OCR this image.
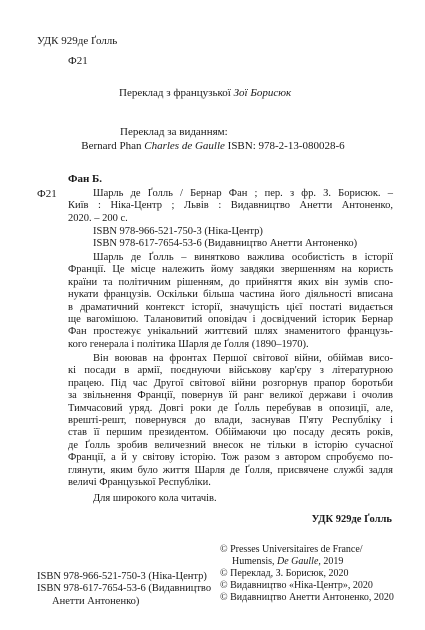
УДК 929де Ґолль
Ф21
Переклад з французької Зої Борисюк
Переклад за виданням:
Bernard Phan Charles de Gaulle ISBN: 978-2-13-080028-6
Фан Б.
Ф21	Шарль де Ґолль / Бернар Фан ; пер. з фр. З. Борисюк. –
Київ : Ніка-Центр ; Львів : Видавництво Анетти Антоненко,
2020. – 200 с.
ISBN 978-966-521-750-3 (Ніка-Центр)
ISBN 978-617-7654-53-6 (Видавництво Анетти Антоненко)
Шарль де Ґолль – винятково важлива особистість в історії
Франції. Це місце належить йому завдяки звершенням на користь
країни та політичним рішенням, до прийняття яких він зумів спо-
нукати французів. Оскільки більша частина його діяльності вписана
в драматичний контекст історії, значущість цієї постаті видається
ще вагомішою. Талановитий оповідач і досвідчений історик Бернар
Фан простежує унікальний життєвий шлях знаменитого французь-
кого генерала і політика Шарля де Ґолля (1890–1970).
Він воював на фронтах Першої світової війни, обіймав висо-
кі посади в армії, поєднуючи військову кар'єру з літературною
працею. Під час Другої світової війни розгорнув прапор боротьби
за звільнення Франції, повернув їй ранг великої держави і очолив
Тимчасовий уряд. Довгі роки де Ґолль перебував в опозиції, але,
врешті-решт, повернувся до влади, заснував П'яту Республіку і
став її першим президентом. Обіймаючи цю посаду десять років,
де Ґолль зробив величезний внесок не тільки в історію сучасної
Франції, а й у світову історію. Тож разом з автором спробуємо по-
глянути, яким було життя Шарля де Ґолля, присвячене службі задля
величі Французької Республіки.
Для широкого кола читачів.
УДК 929де Ґолль
ISBN 978-966-521-750-3 (Ніка-Центр)
ISBN 978-617-7654-53-6 (Видавництво
Анетти Антоненко)
© Presses Universitaires de France/
Humensis, De Gaulle, 2019
© Переклад, З. Борисюк, 2020
© Видавництво «Ніка-Центр», 2020
© Видавництво Анетти Антоненко, 2020
